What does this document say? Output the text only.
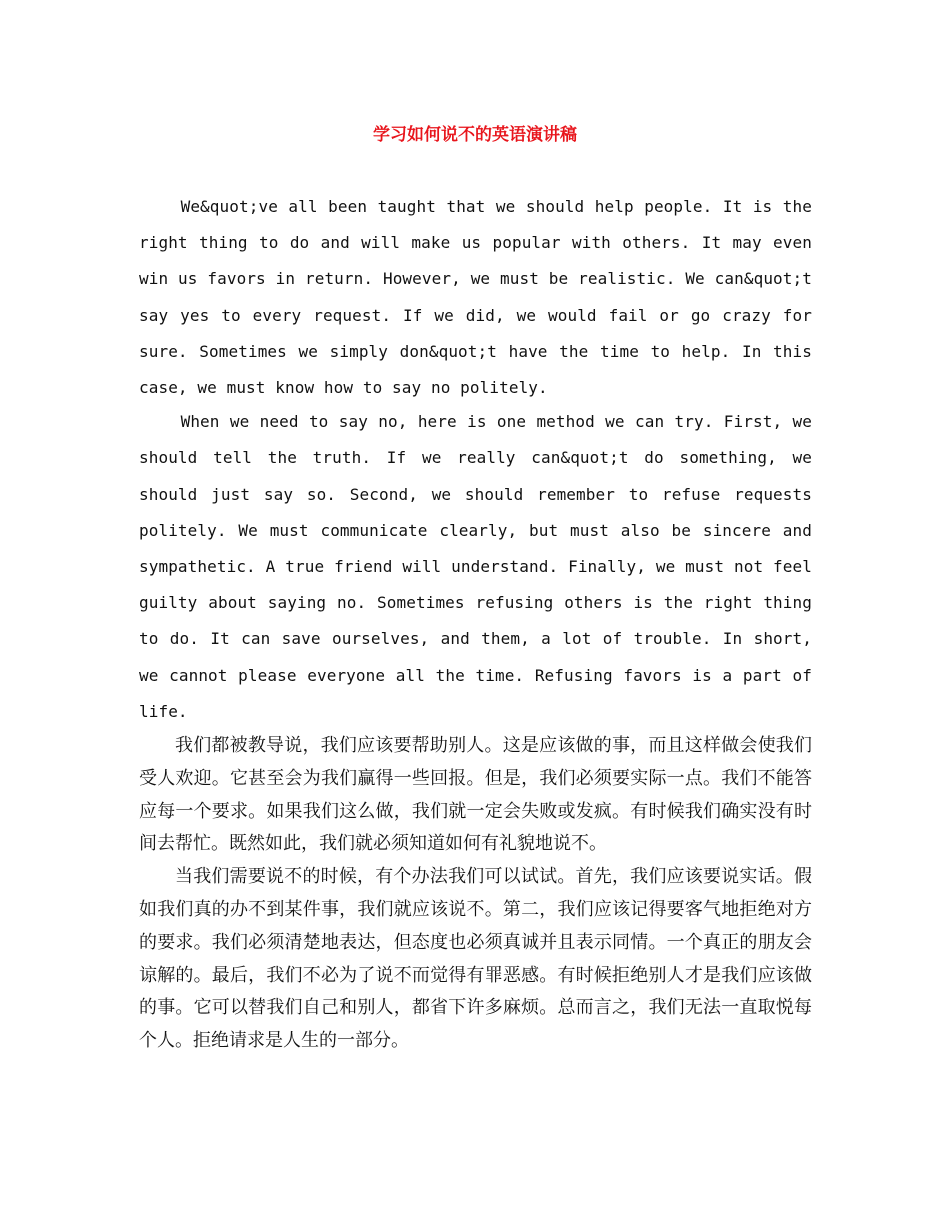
学习如何说不的英语演讲稿

We&quot;ve all been taught that we should help people. It is the right thing to do and will make us popular with others. It may even win us favors in return. However, we must be realistic. We can&quot;t say yes to every request. If we did, we would fail or go crazy for sure. Sometimes we simply don&quot;t have the time to help. In this case, we must know how to say no politely.

When we need to say no, here is one method we can try. First, we should tell the truth. If we really can&quot;t do something, we should just say so. Second, we should remember to refuse requests politely. We must communicate clearly, but must also be sincere and sympathetic. A true friend will understand. Finally, we must not feel guilty about saying no. Sometimes refusing others is the right thing to do. It can save ourselves, and them, a lot of trouble. In short, we cannot please everyone all the time. Refusing favors is a part of life.

我们都被教导说，我们应该要帮助别人。这是应该做的事，而且这样做会使我们受人欢迎。它甚至会为我们赢得一些回报。但是，我们必须要实际一点。我们不能答应每一个要求。如果我们这么做，我们就一定会失败或发疯。有时候我们确实没有时间去帮忙。既然如此，我们就必须知道如何有礼貌地说不。

当我们需要说不的时候，有个办法我们可以试试。首先，我们应该要说实话。假如我们真的办不到某件事，我们就应该说不。第二，我们应该记得要客气地拒绝对方的要求。我们必须清楚地表达，但态度也必须真诚并且表示同情。一个真正的朋友会谅解的。最后，我们不必为了说不而觉得有罪恶感。有时候拒绝别人才是我们应该做的事。它可以替我们自己和别人，都省下许多麻烦。总而言之，我们无法一直取悦每个人。拒绝请求是人生的一部分。
